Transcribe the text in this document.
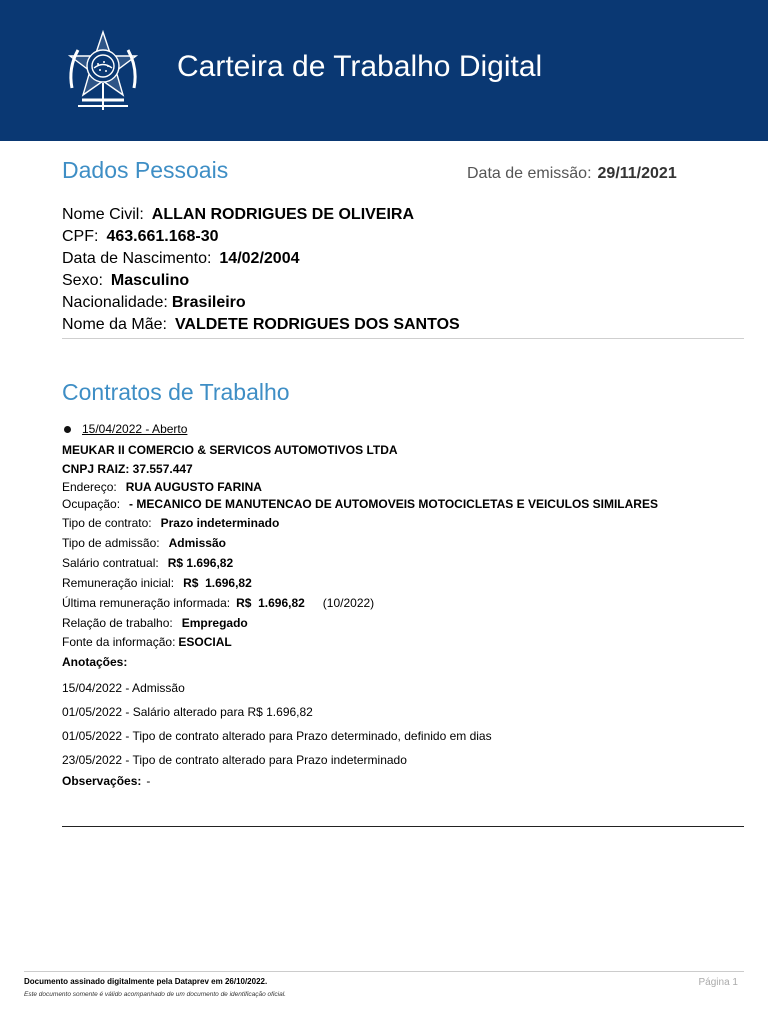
Carteira de Trabalho Digital
Dados Pessoais	Data de emissão: 29/11/2021
Nome Civil: ALLAN RODRIGUES DE OLIVEIRA
CPF: 463.661.168-30
Data de Nascimento: 14/02/2004
Sexo: Masculino
Nacionalidade: Brasileiro
Nome da Mãe: VALDETE RODRIGUES DOS SANTOS
Contratos de Trabalho
15/04/2022 - Aberto
MEUKAR II COMERCIO & SERVICOS AUTOMOTIVOS LTDA
CNPJ RAIZ: 37.557.447
Endereço: RUA AUGUSTO FARINA
Ocupação: - MECANICO DE MANUTENCAO DE AUTOMOVEIS MOTOCICLETAS E VEICULOS SIMILARES
Tipo de contrato: Prazo indeterminado
Tipo de admissão: Admissão
Salário contratual: R$ 1.696,82
Remuneração inicial: R$  1.696,82
Última remuneração informada: R$  1.696,82 (10/2022)
Relação de trabalho: Empregado
Fonte da informação: ESOCIAL
Anotações:
15/04/2022 - Admissão
01/05/2022 - Salário alterado para R$ 1.696,82
01/05/2022 - Tipo de contrato alterado para Prazo determinado, definido em dias
23/05/2022 - Tipo de contrato alterado para Prazo indeterminado
Observações: -
Documento assinado digitalmente pela Dataprev em 26/10/2022.
Este documento somente é válido acompanhado de um documento de identificação oficial.
Página 1
